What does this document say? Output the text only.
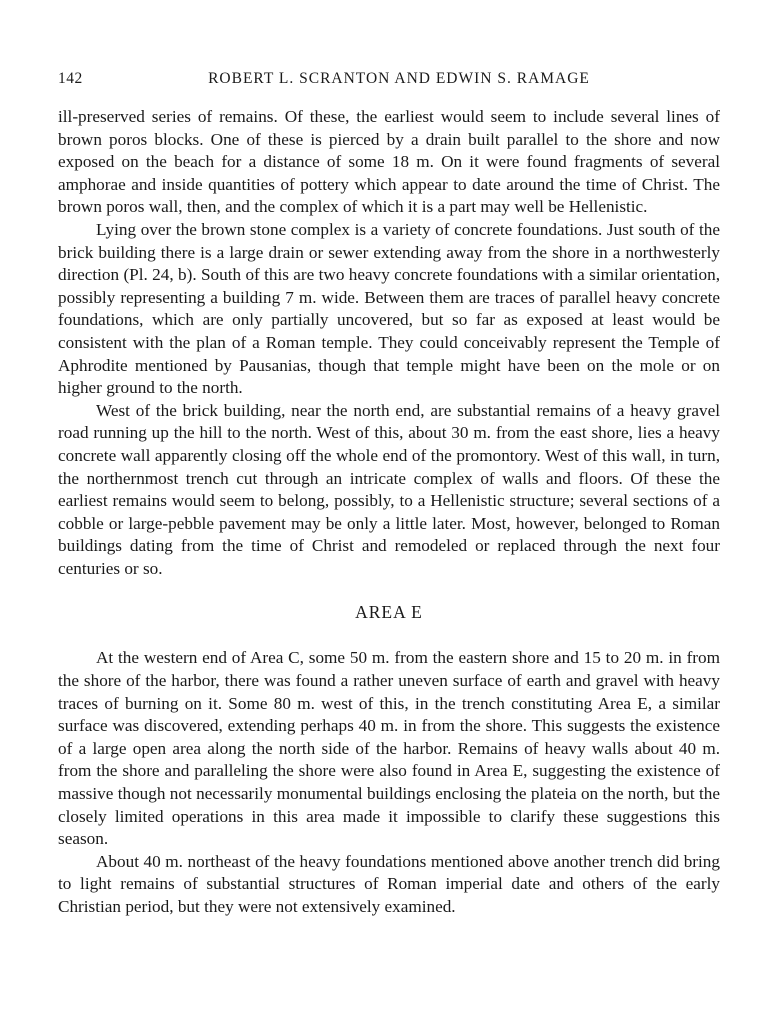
142	ROBERT L. SCRANTON AND EDWIN S. RAMAGE

ill-preserved series of remains. Of these, the earliest would seem to include several lines of brown poros blocks. One of these is pierced by a drain built parallel to the shore and now exposed on the beach for a distance of some 18 m. On it were found fragments of several amphorae and inside quantities of pottery which appear to date around the time of Christ. The brown poros wall, then, and the complex of which it is a part may well be Hellenistic.

Lying over the brown stone complex is a variety of concrete foundations. Just south of the brick building there is a large drain or sewer extending away from the shore in a northwesterly direction (Pl. 24, b). South of this are two heavy concrete foundations with a similar orientation, possibly representing a building 7 m. wide. Between them are traces of parallel heavy concrete foundations, which are only partially uncovered, but so far as exposed at least would be consistent with the plan of a Roman temple. They could conceivably represent the Temple of Aphrodite mentioned by Pausanias, though that temple might have been on the mole or on higher ground to the north.

West of the brick building, near the north end, are substantial remains of a heavy gravel road running up the hill to the north. West of this, about 30 m. from the east shore, lies a heavy concrete wall apparently closing off the whole end of the promontory. West of this wall, in turn, the northernmost trench cut through an intricate complex of walls and floors. Of these the earliest remains would seem to belong, possibly, to a Hellenistic structure; several sections of a cobble or large-pebble pavement may be only a little later. Most, however, belonged to Roman buildings dating from the time of Christ and remodeled or replaced through the next four centuries or so.

AREA E

At the western end of Area C, some 50 m. from the eastern shore and 15 to 20 m. in from the shore of the harbor, there was found a rather uneven surface of earth and gravel with heavy traces of burning on it. Some 80 m. west of this, in the trench constituting Area E, a similar surface was discovered, extending perhaps 40 m. in from the shore. This suggests the existence of a large open area along the north side of the harbor. Remains of heavy walls about 40 m. from the shore and paralleling the shore were also found in Area E, suggesting the existence of massive though not necessarily monumental buildings enclosing the plateia on the north, but the closely limited operations in this area made it impossible to clarify these suggestions this season.

About 40 m. northeast of the heavy foundations mentioned above another trench did bring to light remains of substantial structures of Roman imperial date and others of the early Christian period, but they were not extensively examined.
